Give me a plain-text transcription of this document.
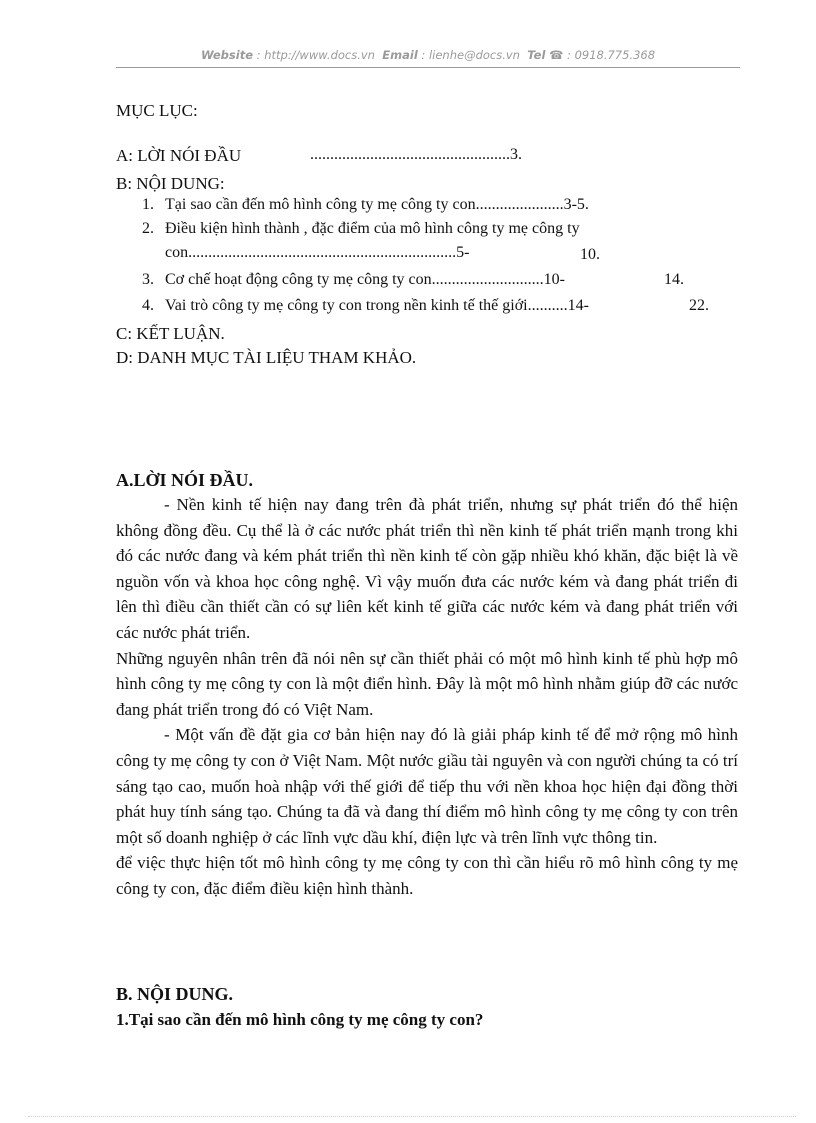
Website : http://www.docs.vn Email : lienhe@docs.vn Tel ☎ : 0918.775.368
MỤC LỤC:
A: LỜI NÓI ĐẦU	..................................................3.
B: NỘI DUNG:
1. Tại sao cần đến mô hình công ty mẹ công ty con......................3-5.
2. Điều kiện hình thành , đặc điểm của mô hình công ty mẹ công ty
con...................................................................5-	10.
3. Cơ chế hoạt động công ty mẹ công ty con............................10-	14.
4. Vai trò công ty mẹ công ty con trong nền kinh tế thế giới..........14-	22.
C: KẾT LUẬN.
D: DANH MỤC TÀI LIỆU THAM KHẢO.
A.LỜI NÓI ĐẦU.

- Nền kinh tế hiện nay đang trên đà phát triển, nhưng sự phát triển đó thể hiện không đồng đều. Cụ thể là ở các nước phát triển thì nền kinh tế phát triển mạnh trong khi đó các nước đang và kém phát triển thì nền kinh tế còn gặp nhiều khó khăn, đặc biệt là về nguồn vốn và khoa học công nghệ. Vì vậy muốn đưa các nước kém và đang phát triển đi lên thì điều cần thiết cần có sự liên kết kinh tế giữa các nước kém và đang phát triển với các nước phát triển.

Những nguyên nhân trên đã nói nên sự cần thiết phải có một mô hình kinh tế phù hợp mô hình công ty mẹ công ty con là một điển hình. Đây là một mô hình nhằm giúp đỡ các nước đang phát triển trong đó có Việt Nam.

- Một vấn đề đặt gia cơ bản hiện nay đó là giải pháp kinh tế để mở rộng mô hình công ty mẹ công ty con ở Việt Nam. Một nước giầu tài nguyên và con người chúng ta có trí sáng tạo cao, muốn hoà nhập với thế giới để tiếp thu với nền khoa học hiện đại đồng thời phát huy tính sáng tạo. Chúng ta đã và đang thí điểm mô hình công ty mẹ công ty con trên một số doanh nghiệp ở các lĩnh vực dầu khí, điện lực và trên lĩnh vực thông tin.

để việc thực hiện tốt mô hình công ty mẹ công ty con thì cần hiểu rõ mô hình công ty mẹ công ty con, đặc điểm điều kiện hình thành.

B. NỘI DUNG.
1.Tại sao cần đến mô hình công ty mẹ công ty con?
